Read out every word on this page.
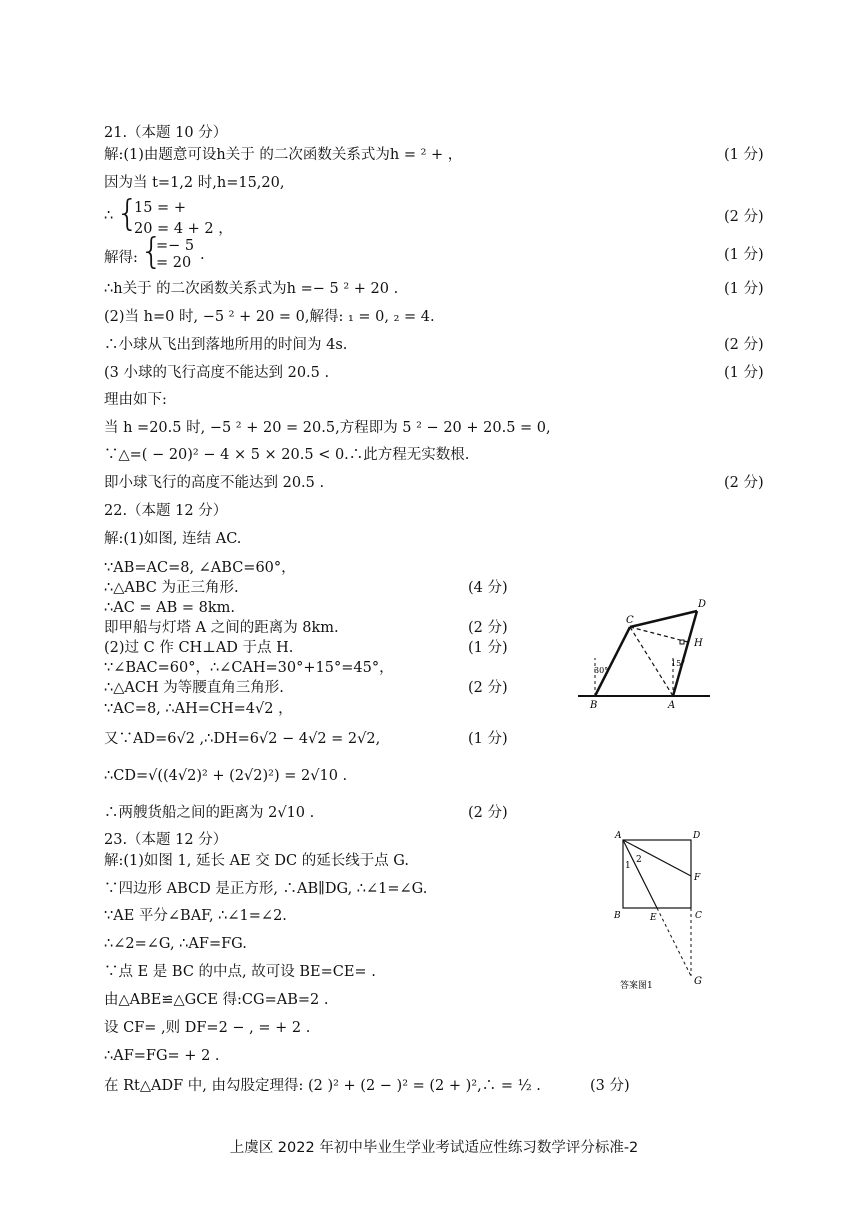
21.（本题 10 分）
解:(1)由题意可设h关于 的二次函数关系式为h = ² + ，	(1 分)
因为当 t=1,2 时,h=15,20,
∴ {
15 = +
20 = 4 + 2 ，
(2 分)
解得: {
=− 5
= 20 .	(1 分)
∴h关于 的二次函数关系式为h =− 5 ² + 20 .	(1 分)
(2)当 h=0 时, −5 ² + 20 = 0,解得: ₁ = 0, ₂ = 4.
∴小球从飞出到落地所用的时间为 4s.	(2 分)
(3 小球的飞行高度不能达到 20.5 .	(1 分)
理由如下:
当 h =20.5 时, −5 ² + 20 = 20.5,方程即为 5 ² − 20 + 20.5 = 0,
∵△=( − 20)² − 4 × 5 × 20.5 < 0.∴此方程无实数根.
即小球飞行的高度不能达到 20.5 .	(2 分)
22.（本题 12 分）
解:(1)如图, 连结 AC.
∵AB=AC=8, ∠ABC=60°，
∴△ABC 为正三角形.	(4 分)
∴AC = AB = 8km.
即甲船与灯塔 A 之间的距离为 8km.	(2 分)
(2)过 C 作 CH⊥AD 于点 H.	(1 分)
∵∠BAC=60°，∴∠CAH=30°+15°=45°，
∴△ACH 为等腰直角三角形.	(2 分)
∵AC=8, ∴AH=CH=4√2 ，
又∵AD=6√2 ,∴DH=6√2 − 4√2 = 2√2,	(1 分)
∴CD=√((4√2)² + (2√2)²) = 2√10 .
∴两艘货船之间的距离为 2√10 .	(2 分)
C
D
H
B	A
30°
15°
23.（本题 12 分）
解:(1)如图 1, 延长 AE 交 DC 的延长线于点 G.
∵四边形 ABCD 是正方形, ∴AB∥DG, ∴∠1=∠G.
∵AE 平分∠BAF, ∴∠1=∠2.
∴∠2=∠G, ∴AF=FG.
∵点 E 是 BC 的中点, 故可设 BE=CE= .
由△ABE≌△GCE 得:CG=AB=2 .
设 CF= ,则 DF=2 − , = + 2 .
∴AF=FG= + 2 .
在 Rt△ADF 中, 由勾股定理得: (2 )² + (2 − )² = (2 + )²,∴ = ½ .	(3 分)
A	D
F
B	E	C
G
1
2
答案图1
上虞区 2022 年初中毕业生学业考试适应性练习数学评分标准-2
